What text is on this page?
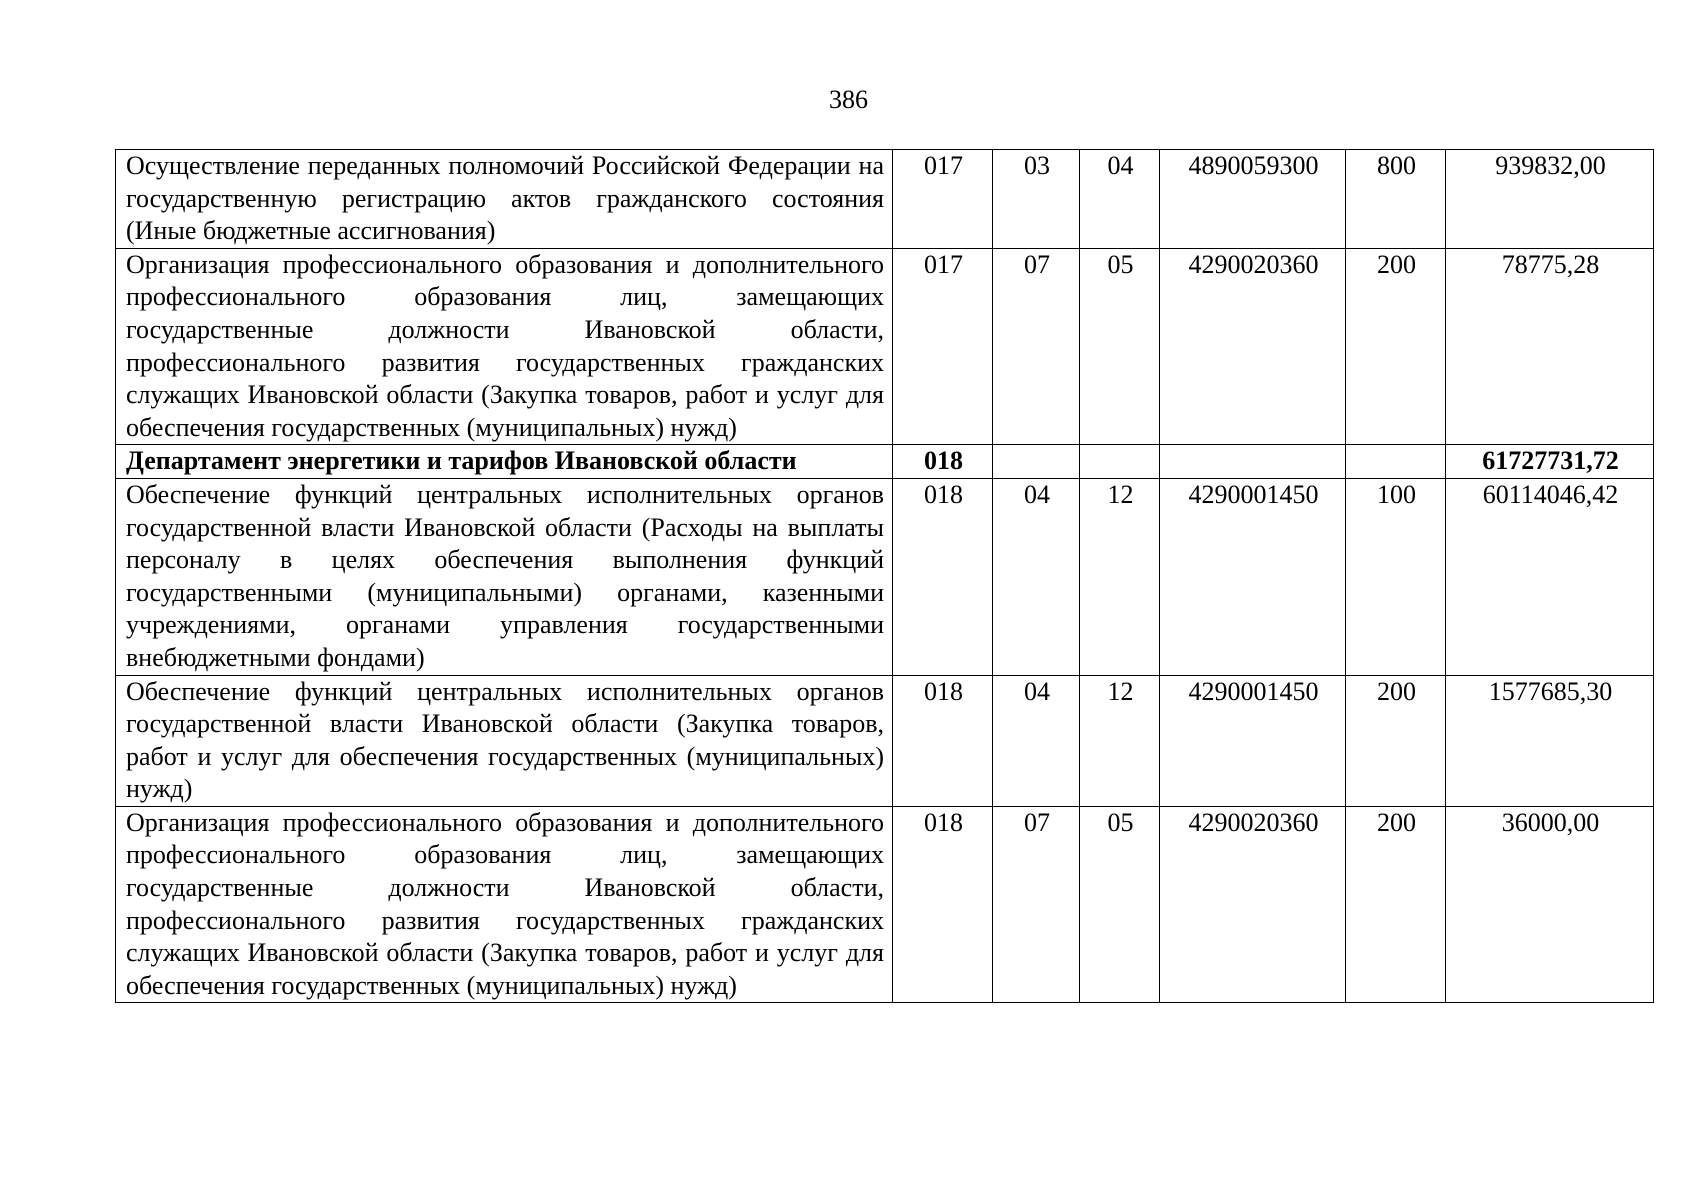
386
Осуществление переданных полномочий Российской Федерации на государственную регистрацию актов гражданского состояния (Иные бюджетные ассигнования)	017	03	04	4890059300	800	939832,00
Организация профессионального образования и дополнительного профессионального образования лиц, замещающих государственные должности Ивановской области, профессионального развития государственных гражданских служащих Ивановской области (Закупка товаров, работ и услуг для обеспечения государственных (муниципальных) нужд)	017	07	05	4290020360	200	78775,28
Департамент энергетики и тарифов Ивановской области	018					61727731,72
Обеспечение функций центральных исполнительных органов государственной власти Ивановской области (Расходы на выплаты персоналу в целях обеспечения выполнения функций государственными (муниципальными) органами, казенными учреждениями, органами управления государственными внебюджетными фондами)	018	04	12	4290001450	100	60114046,42
Обеспечение функций центральных исполнительных органов государственной власти Ивановской области (Закупка товаров, работ и услуг для обеспечения государственных (муниципальных) нужд)	018	04	12	4290001450	200	1577685,30
Организация профессионального образования и дополнительного профессионального образования лиц, замещающих государственные должности Ивановской области, профессионального развития государственных гражданских служащих Ивановской области (Закупка товаров, работ и услуг для обеспечения государственных (муниципальных) нужд)	018	07	05	4290020360	200	36000,00
